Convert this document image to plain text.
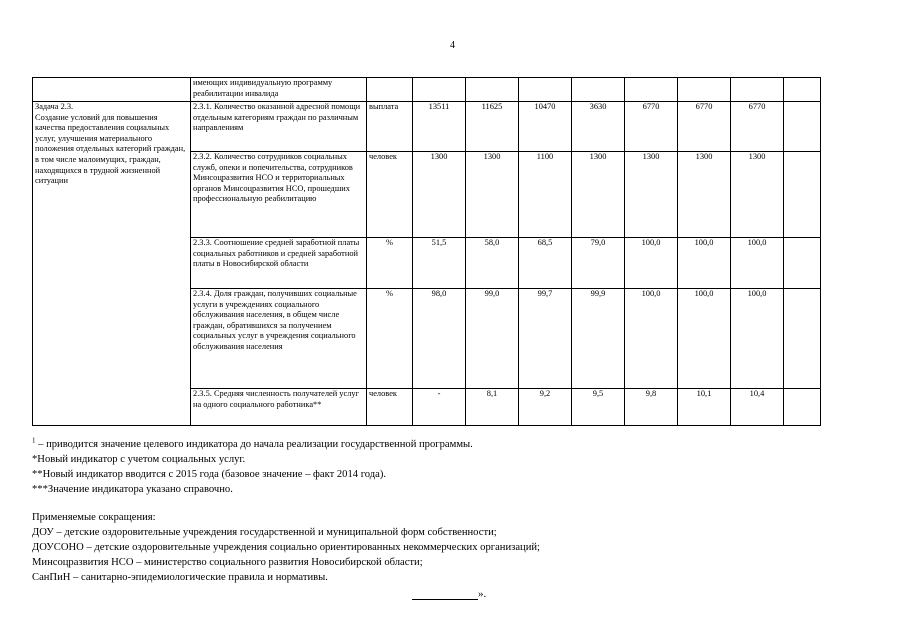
4
	имеющих индивидуальную программу реабилитации инвалида									
Задача 2.3.
Создание условий для повышения качества предоставления социальных услуг, улучшения материального положения отдельных категорий граждан, в том числе малоимущих, граждан, находящихся в трудной жизненной ситуации	2.3.1. Количество оказанной адресной помощи отдельным категориям граждан по различным направлениям	выплата	13511	11625	10470	3630	6770	6770	6770	
	2.3.2. Количество сотрудников социальных служб, опеки и попечительства, сотрудников Минсоцразвития НСО и территориальных органов Минсоцразвития НСО, прошедших профессиональную реабилитацию	человек	1300	1300	1100	1300	1300	1300	1300	
	2.3.3. Соотношение средней заработной платы социальных работников и средней заработной платы в Новосибирской области	%	51,5	58,0	68,5	79,0	100,0	100,0	100,0	
	2.3.4. Доля граждан, получивших социальные услуги в учреждениях социального обслуживания населения, в общем числе граждан, обратившихся за получением социальных услуг в учреждения социального обслуживания населения	%	98,0	99,0	99,7	99,9	100,0	100,0	100,0	
	2.3.5. Средняя численность получателей услуг на одного социального работника**	человек	-	8,1	9,2	9,5	9,8	10,1	10,4	

$^1$ – приводится значение целевого индикатора до начала реализации государственной программы.

*Новый индикатор с учетом социальных услуг.

**Новый индикатор вводится с 2015 года (базовое значение – факт 2014 года).

***Значение индикатора указано справочно.

Применяемые сокращения:

ДОУ – детские оздоровительные учреждения государственной и муниципальной форм собственности;

ДОУСОНО – детские оздоровительные учреждения социально ориентированных некоммерческих организаций;

Минсоцразвития НСО – министерство социального развития Новосибирской области;

СанПиН – санитарно-эпидемиологические правила и нормативы.

».
